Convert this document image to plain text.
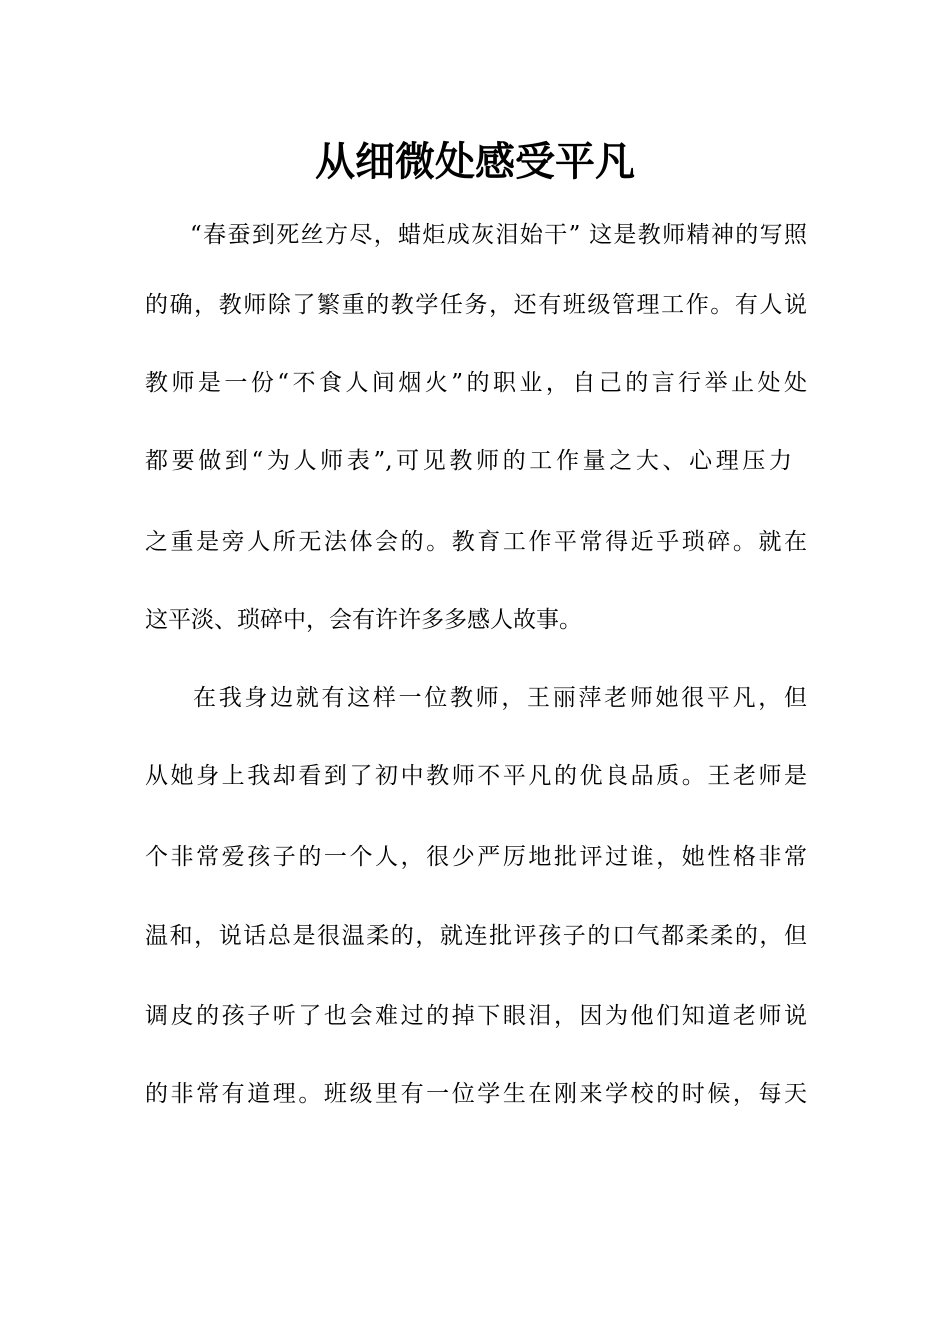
从细微处感受平凡
“春蚕到死丝方尽，蜡炬成灰泪始干” 这是教师精神的写照
的确，教师除了繁重的教学任务，还有班级管理工作。有人说
教师是一份“不食人间烟火”的职业，自己的言行举止处处
都要做到“为人师表”,可见教师的工作量之大、心理压力
之重是旁人所无法体会的。教育工作平常得近乎琐碎。就在
这平淡、琐碎中，会有许许多多感人故事。
在我身边就有这样一位教师，王丽萍老师她很平凡，但
从她身上我却看到了初中教师不平凡的优良品质。王老师是
个非常爱孩子的一个人，很少严厉地批评过谁，她性格非常
温和，说话总是很温柔的，就连批评孩子的口气都柔柔的，但
调皮的孩子听了也会难过的掉下眼泪，因为他们知道老师说
的非常有道理。班级里有一位学生在刚来学校的时候，每天
